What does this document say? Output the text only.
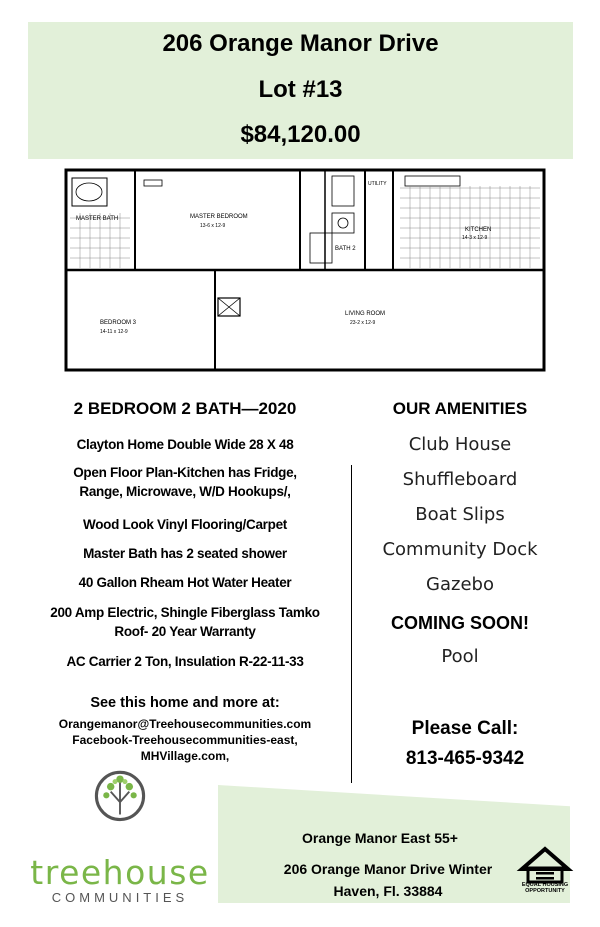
206 Orange Manor Drive
Lot #13
$84,120.00
MASTER BATH	MASTER BEDROOM
13-6 x 12-9
UTILITY
BATH 2
KITCHEN
14-3 x 12-9
BEDROOM 3
14-11 x 12-9
LIVING ROOM
23-2 x 12-9
2 BEDROOM 2 BATH—2020
Clayton Home Double Wide 28 X 48
Open Floor Plan-Kitchen has Fridge,
Range, Microwave, W/D Hookups/,
Wood Look Vinyl Flooring/Carpet
Master Bath has 2 seated shower
40 Gallon Rheam Hot Water Heater
200 Amp Electric, Shingle Fiberglass Tamko
Roof- 20 Year Warranty
AC Carrier 2 Ton, Insulation R-22-11-33
See this home and more at:
Orangemanor@Treehousecommunities.com
Facebook-Treehousecommunities-east,
MHVillage.com,
OUR AMENITIES
Club House
Shuffleboard
Boat Slips
Community Dock
Gazebo
COMING SOON!
Pool
Please Call:
813-465-9342
treehouse
COMMUNITIES
Orange Manor East 55+
206 Orange Manor Drive Winter
Haven, Fl. 33884	EQUAL HOUSING
OPPORTUNITY
